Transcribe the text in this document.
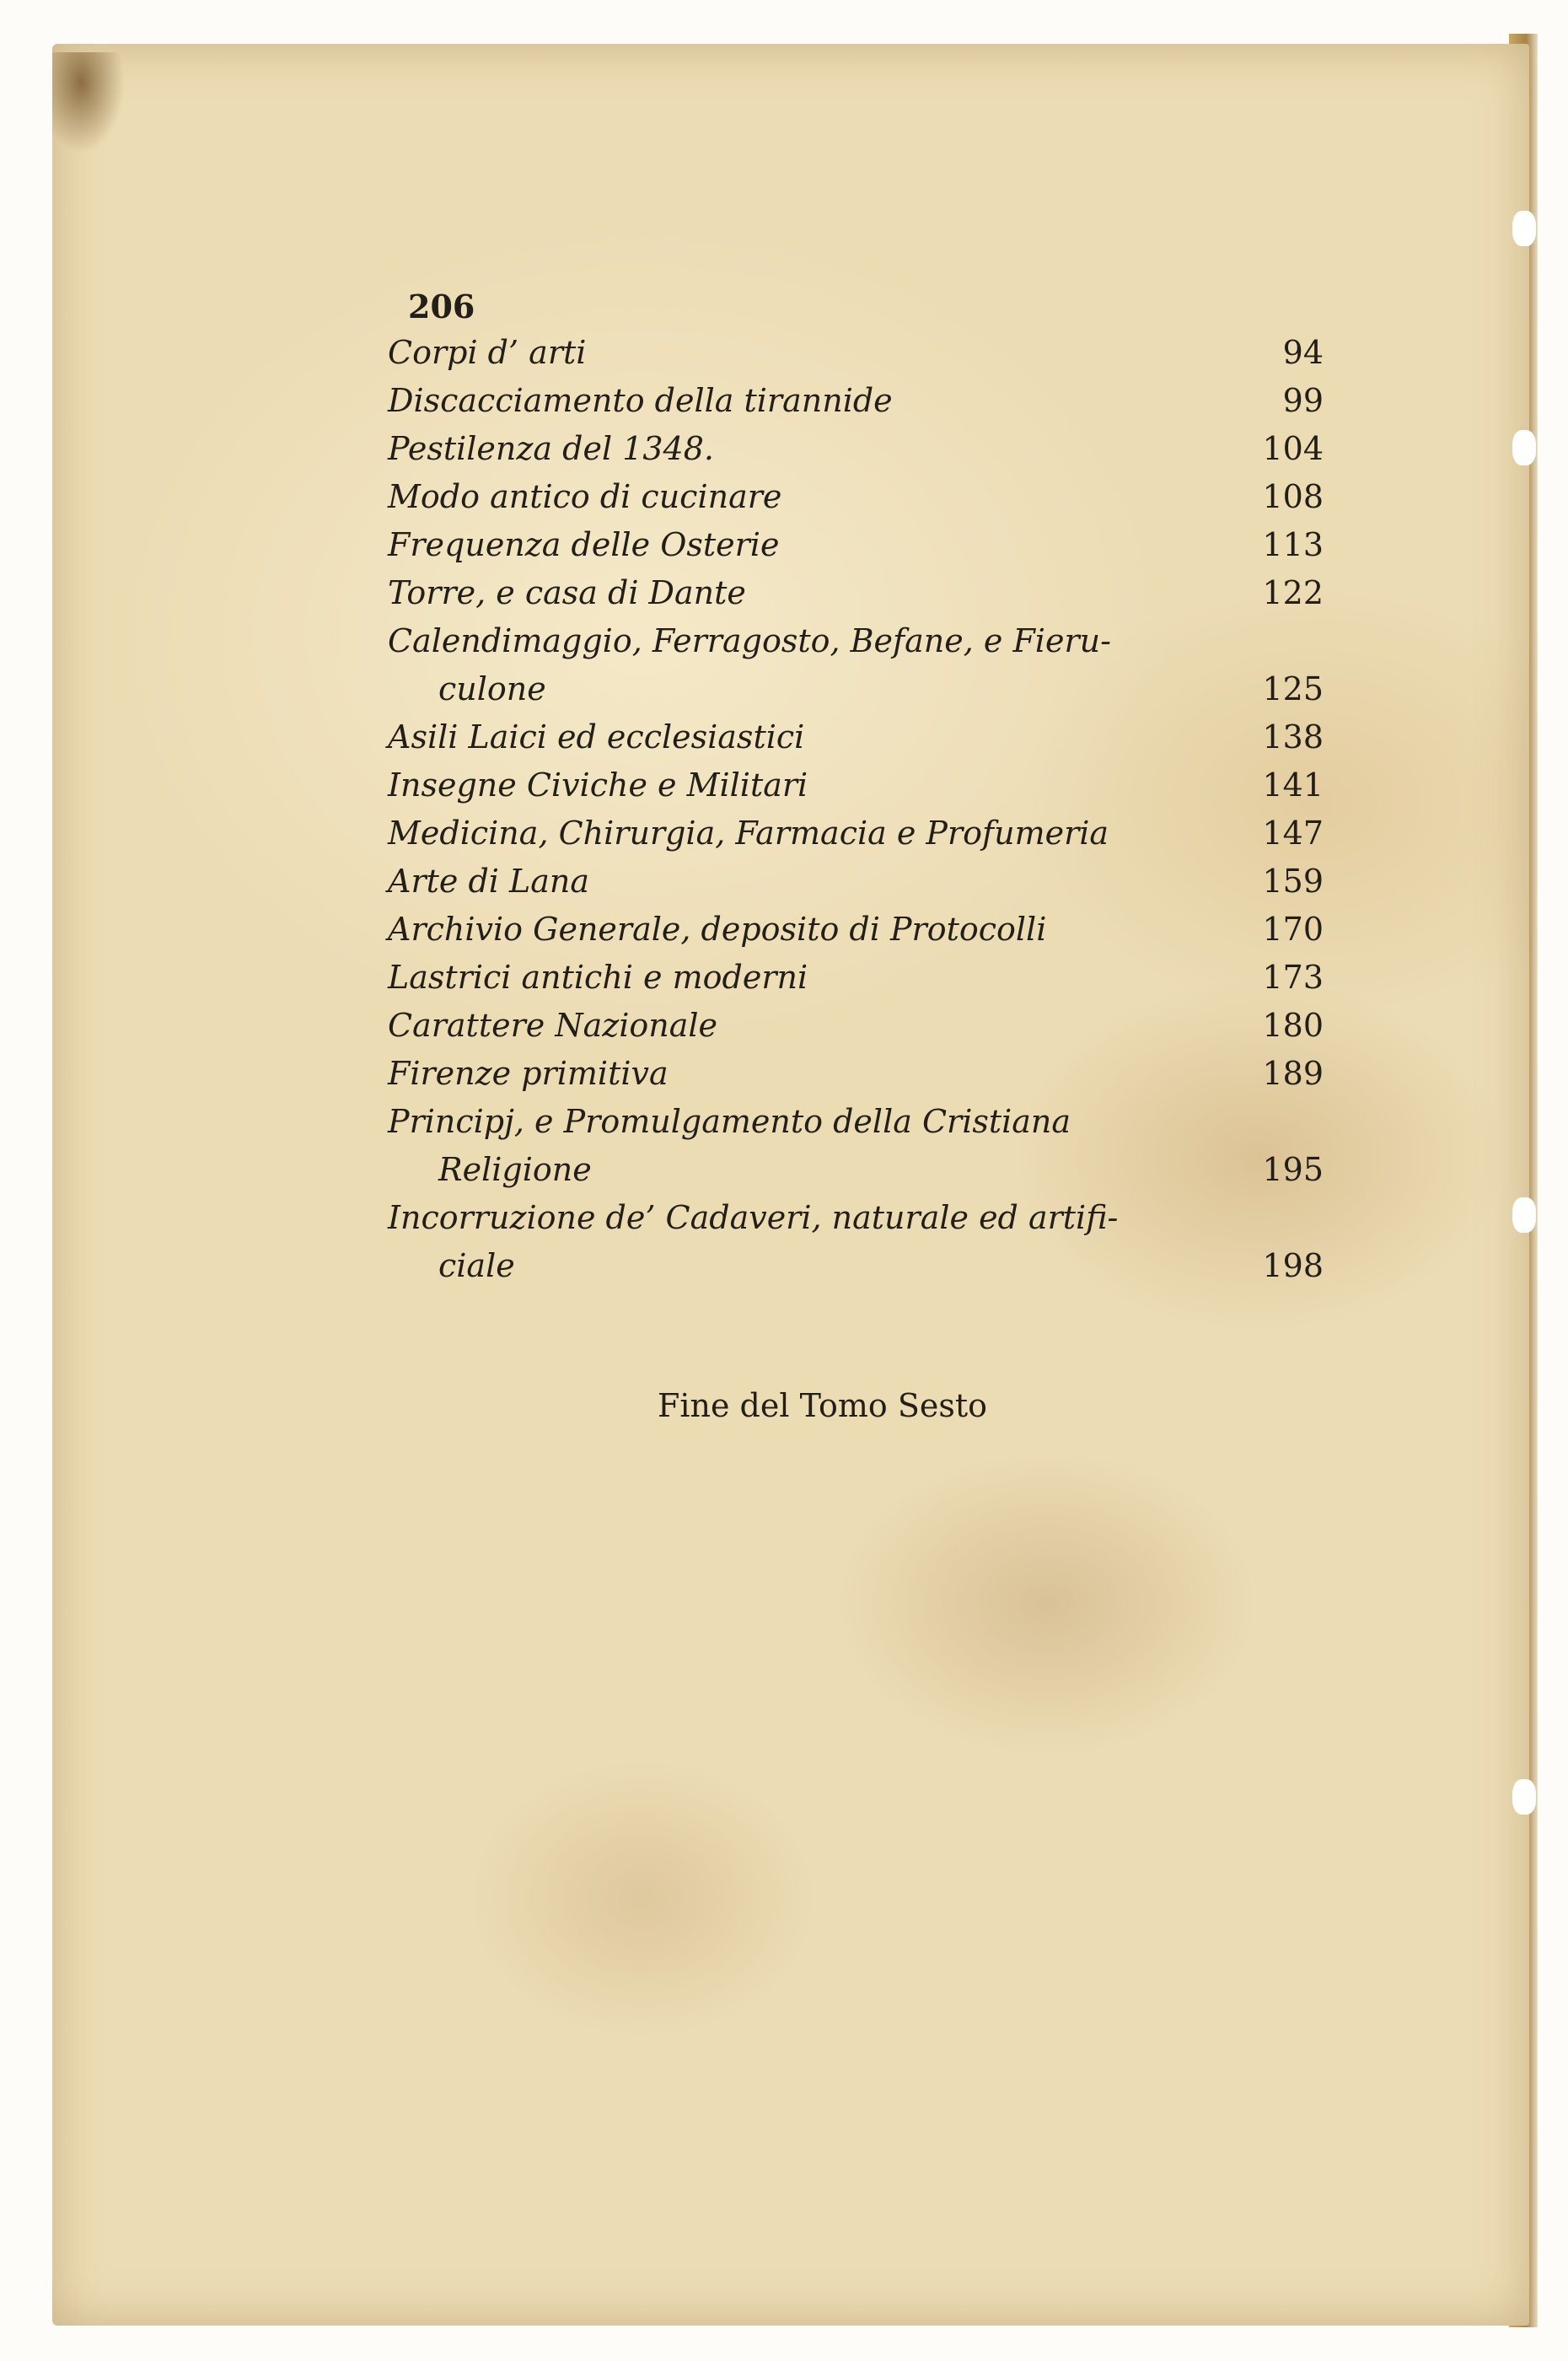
206
Corpi d’ arti	94
Discacciamento della tirannide	99
Pestilenza del 1348.	104
Modo antico di cucinare	108
Frequenza delle Osterie	113
Torre, e casa di Dante	122
Calendimaggio, Ferragosto, Befane, e Fieru-
culone	125
Asili Laici ed ecclesiastici	138
Insegne Civiche e Militari	141
Medicina, Chirurgia, Farmacia e Profumeria	147
Arte di Lana	159
Archivio Generale, deposito di Protocolli	170
Lastrici antichi e moderni	173
Carattere Nazionale	180
Firenze primitiva	189
Principj, e Promulgamento della Cristiana
Religione	195
Incorruzione de’ Cadaveri, naturale ed artifi-
ciale	198
Fine del Tomo Sesto
